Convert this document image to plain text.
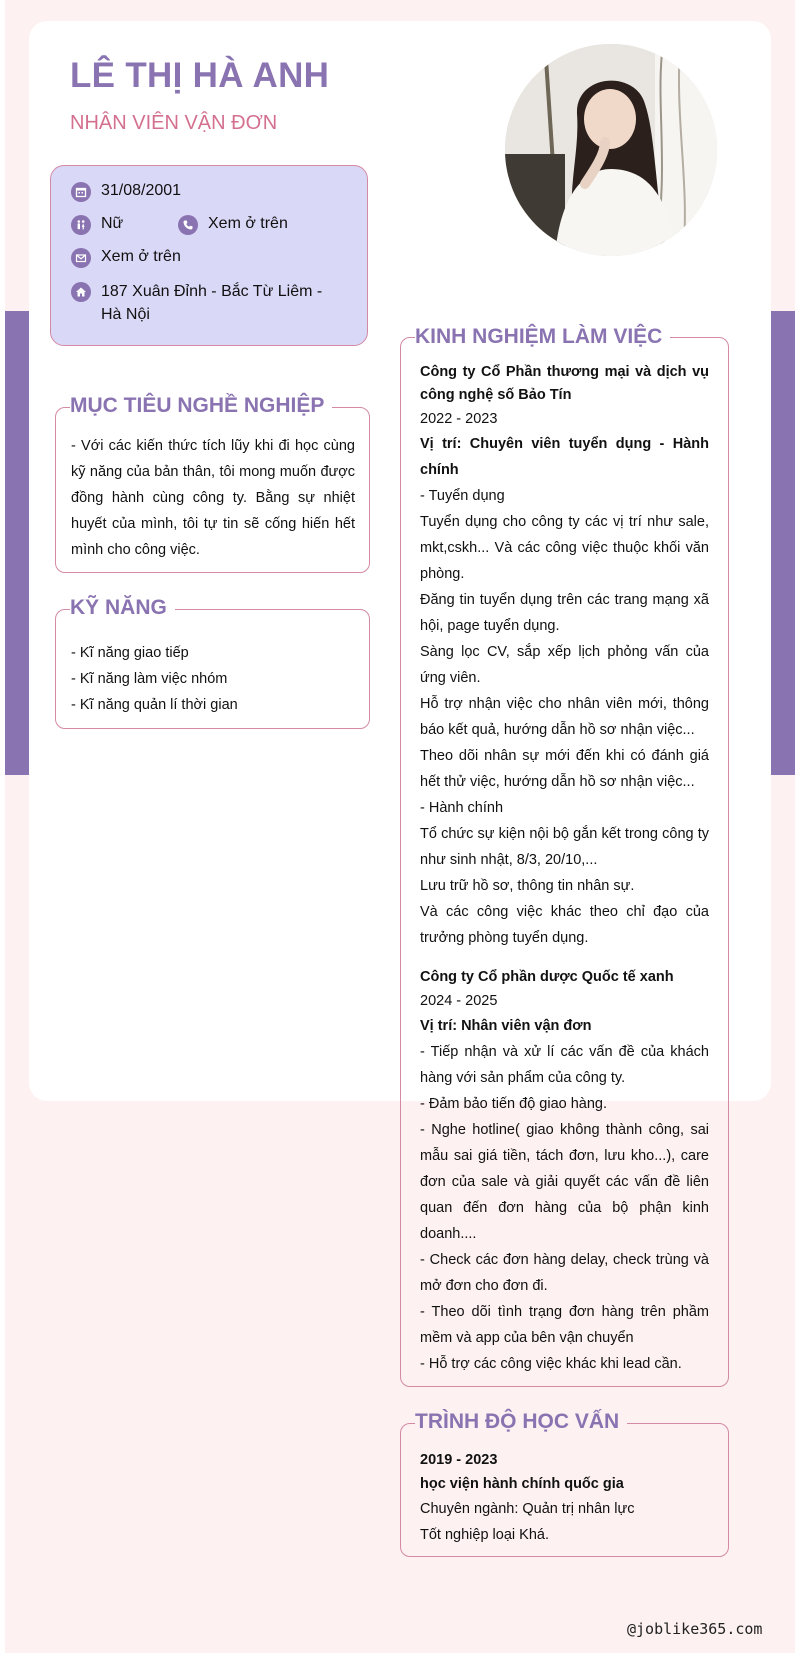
LÊ THỊ HÀ ANH
NHÂN VIÊN VẬN ĐƠN
31/08/2001
Nữ	Xem ở trên
Xem ở trên
187 Xuân Đỉnh - Bắc Từ Liêm - Hà Nội
MỤC TIÊU NGHỀ NGHIỆP
- Với các kiến thức tích lũy khi đi học cùng kỹ năng của bản thân, tôi mong muốn được đồng hành cùng công ty. Bằng sự nhiệt huyết của mình, tôi tự tin sẽ cống hiến hết mình cho công việc.
KỸ NĂNG

- Kĩ năng giao tiếp

- Kĩ năng làm việc nhóm

- Kĩ năng quản lí thời gian

KINH NGHIỆM LÀM VIỆC

Công ty Cổ Phần thương mại và dịch vụ công nghệ số Bảo Tín

2022 - 2023

Vị trí: Chuyên viên tuyển dụng - Hành chính

- Tuyển dụng

Tuyển dụng cho công ty các vị trí như sale, mkt,cskh... Và các công việc thuộc khối văn phòng.

Đăng tin tuyển dụng trên các trang mạng xã hội, page tuyển dụng.

Sàng lọc CV, sắp xếp lịch phỏng vấn của ứng viên.

Hỗ trợ nhận việc cho nhân viên mới, thông báo kết quả, hướng dẫn hồ sơ nhận việc...

Theo dõi nhân sự mới đến khi có đánh giá hết thử việc, hướng dẫn hồ sơ nhận việc...

- Hành chính

Tổ chức sự kiện nội bộ gắn kết trong công ty như sinh nhật, 8/3, 20/10,...

Lưu trữ hồ sơ, thông tin nhân sự.

Và các công việc khác theo chỉ đạo của trưởng phòng tuyển dụng.

Công ty Cổ phần dược Quốc tế xanh

2024 - 2025

Vị trí: Nhân viên vận đơn

- Tiếp nhận và xử lí các vấn đề của khách hàng với sản phẩm của công ty.

- Đảm bảo tiến độ giao hàng.

- Nghe hotline( giao không thành công, sai mẫu sai giá tiền, tách đơn, lưu kho...), care đơn của sale và giải quyết các vấn đề liên quan đến đơn hàng của bộ phận kinh doanh....

- Check các đơn hàng delay, check trùng và mở đơn cho đơn đi.

- Theo dõi tình trạng đơn hàng trên phầm mềm và app của bên vận chuyển

- Hỗ trợ các công việc khác khi lead cần.

TRÌNH ĐỘ HỌC VẤN

2019 - 2023

học viện hành chính quốc gia

Chuyên ngành: Quản trị nhân lực

Tốt nghiệp loại Khá.

@joblike365.com
